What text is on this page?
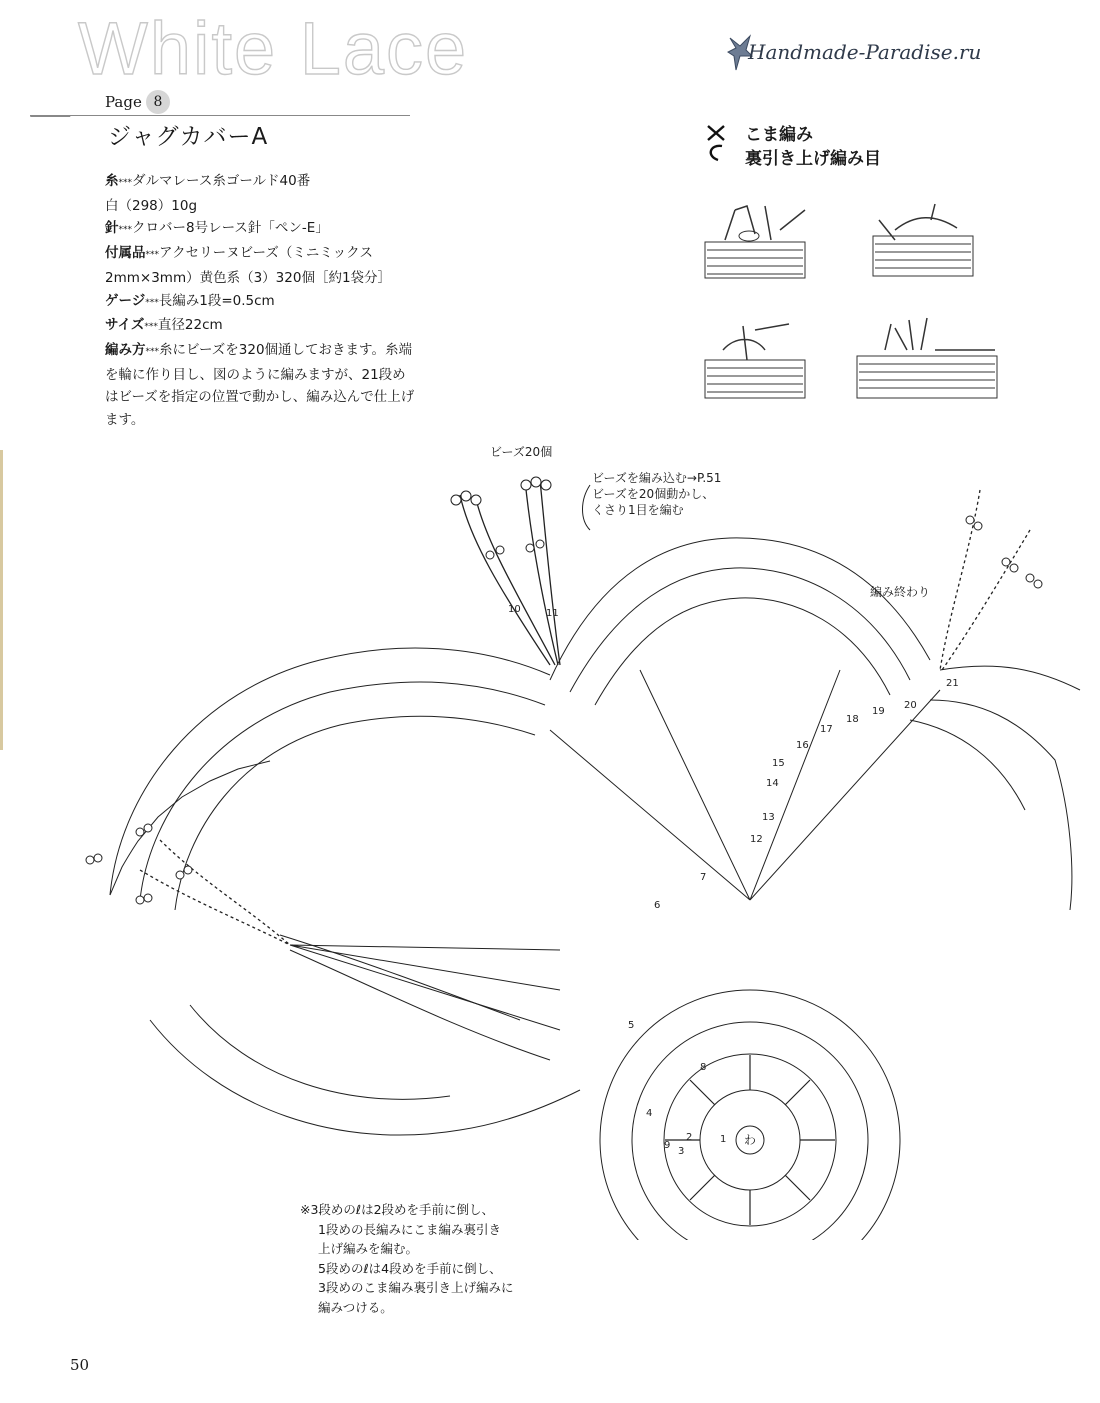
White Lace	Handmade-Paradise.ru
Page 8
ジャグカバーA

糸***ダルマレース糸ゴールド40番

白（298）10g

針***クロバー8号レース針「ペン-E」

付属品***アクセリーヌビーズ（ミニミックス2mm×3mm）黄色系（3）320個［約1袋分］

ゲージ***長編み1段=0.5cm

サイズ***直径22cm

編み方***糸にビーズを320個通しておきます。糸端を輪に作り目し、図のように編みますが、21段めはビーズを指定の位置で動かし、編み込んで仕上げます。

こま編み
裏引き上げ編み目
ビーズ20個
ビーズを編み込む→P.51
ビーズを20個動かし、
くさり1目を編む
編み終わり
わ
1
2
3
4
5
6
7
8
9
10	11
12
13
14
15
16
17
18
19
20
21

※3段めのℓは2段めを手前に倒し、

1段めの長編みにこま編み裏引き

上げ編みを編む。

5段めのℓは4段めを手前に倒し、

3段めのこま編み裏引き上げ編みに

編みつける。

50
